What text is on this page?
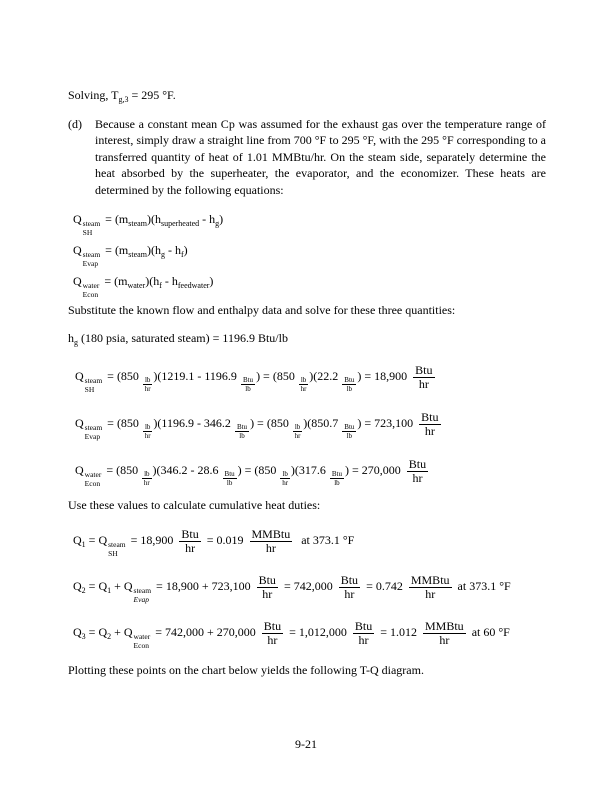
Solving, $T_{g,3} = 295$ °F.

(d)	Because a constant mean Cp was assumed for the exhaust gas over the temperature range of interest, simply draw a straight line from 700 °F to 295 °F, with the 295 °F corresponding to a transferred quantity of heat of 1.01 MMBtu/hr. On the steam side, separately determine the heat absorbed by the superheater, the evaporator, and the economizer. These heats are determined by the following equations:

Q steam
SH
= $(m_{steam})(h_{superheated} - h_g)$

Q steam
Evap
= $(m_{steam})(h_g - h_f)$

Q water
Econ
= $(m_{water})(h_f - h_{feedwater})$

Substitute the known flow and enthalpy data and solve for these three quantities:

$h_g$ (180 psia, saturated steam) = 1196.9 Btu/lb

Q steam
SH
= (850
$\frac{lb}{hr}$
)(1219.1 - 1196.9
$\frac{\text{Btu}}{lb}$
) = (850
$\frac{lb}{hr}$
)(22.2
$\frac{\text{Btu}}{lb}$
) = $18,900 \frac{\text{Btu}}{hr}$

Q steam
Evap
= (850
$\frac{lb}{hr}$
)(1196.9 - 346.2
$\frac{\text{Btu}}{lb}$
) = (850
$\frac{lb}{hr}$
)(850.7
$\frac{\text{Btu}}{lb}$
) = $723,100 \frac{\text{Btu}}{hr}$

Q water
Econ
= (850
$\frac{lb}{hr}$
)(346.2 - 28.6
$\frac{\text{Btu}}{lb}$
) = (850
$\frac{lb}{hr}$
)(317.6
$\frac{\text{Btu}}{lb}$
) = $270,000 \frac{\text{Btu}}{hr}$

Use these values to calculate cumulative heat duties:

$Q_1 = Q$ steam
SH
= $18,900 \frac{\text{Btu}}{hr} = 0.019 \frac{\text{MMBtu}}{hr}$ at 373.1 °F

$Q_2 = Q_1 + Q$ steam
Evap
= $18,900 + 723,100 \frac{\text{Btu}}{hr} = 742,000 \frac{\text{Btu}}{hr} = 0.742 \frac{\text{MMBtu}}{hr}$ at 373.1 °F

$Q_3 = Q_2 + Q$ water
Econ
= $742,000 + 270,000 \frac{\text{Btu}}{hr} = 1,012,000 \frac{\text{Btu}}{hr} = 1.012 \frac{\text{MMBtu}}{hr}$ at 60 °F

Plotting these points on the chart below yields the following T-Q diagram.

9-21
